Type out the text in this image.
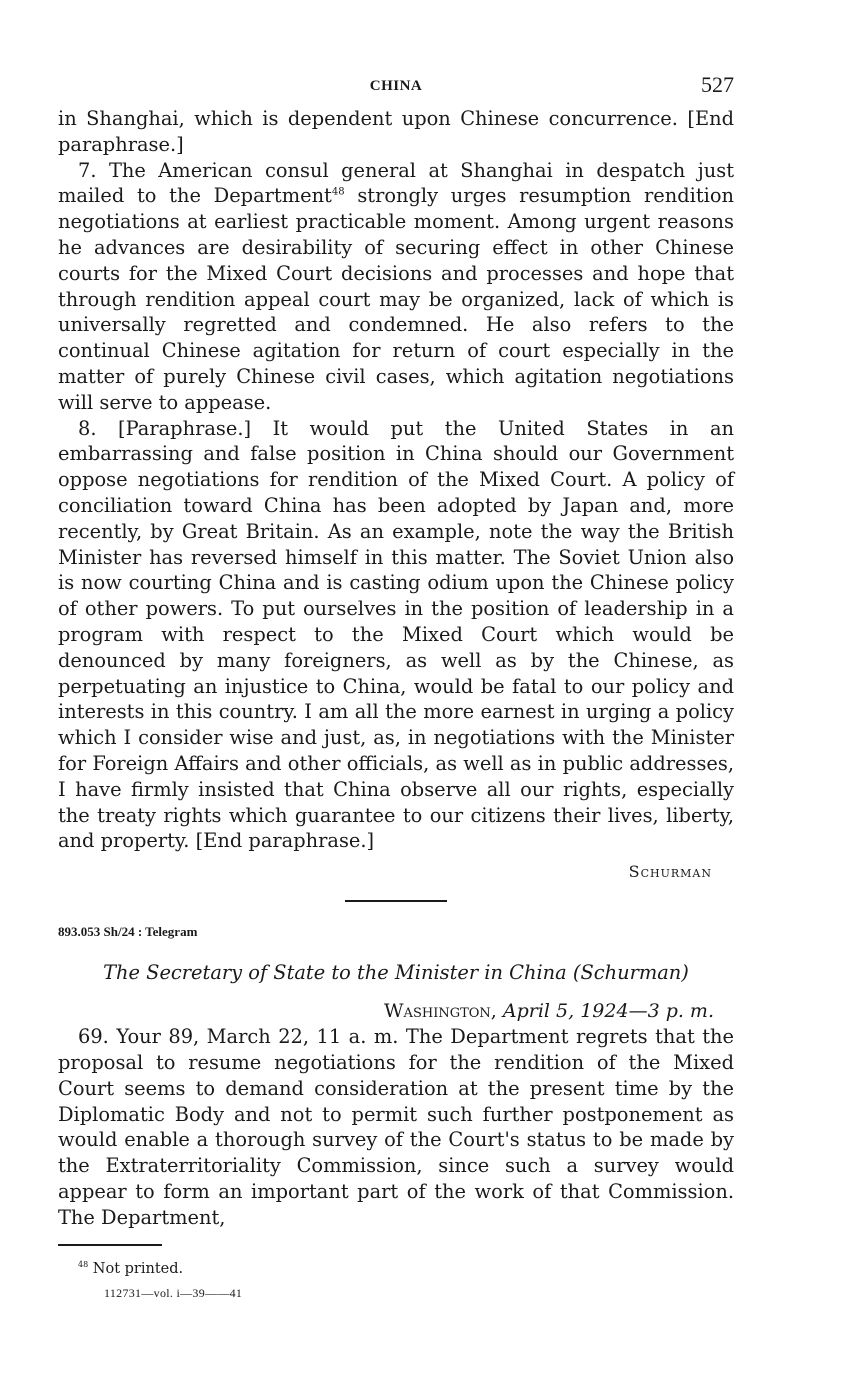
CHINA	527

in Shanghai, which is dependent upon Chinese concurrence. [End paraphrase.]

7. The American consul general at Shanghai in despatch just mailed to the Department$^{48}$ strongly urges resumption rendition negotiations at earliest practicable moment. Among urgent reasons he advances are desirability of securing effect in other Chinese courts for the Mixed Court decisions and processes and hope that through rendition appeal court may be organized, lack of which is universally regretted and condemned. He also refers to the continual Chinese agitation for return of court especially in the matter of purely Chinese civil cases, which agitation negotiations will serve to appease.

8. [Paraphrase.] It would put the United States in an embarrassing and false position in China should our Government oppose negotiations for rendition of the Mixed Court. A policy of conciliation toward China has been adopted by Japan and, more recently, by Great Britain. As an example, note the way the British Minister has reversed himself in this matter. The Soviet Union also is now courting China and is casting odium upon the Chinese policy of other powers. To put ourselves in the position of leadership in a program with respect to the Mixed Court which would be denounced by many foreigners, as well as by the Chinese, as perpetuating an injustice to China, would be fatal to our policy and interests in this country. I am all the more earnest in urging a policy which I consider wise and just, as, in negotiations with the Minister for Foreign Affairs and other officials, as well as in public addresses, I have firmly insisted that China observe all our rights, especially the treaty rights which guarantee to our citizens their lives, liberty, and property. [End paraphrase.]

Schurman
893.053 Sh/24 : Telegram
The Secretary of State to the Minister in China (Schurman)
Washington, April 5, 1924—3 p. m.

69. Your 89, March 22, 11 a. m. The Department regrets that the proposal to resume negotiations for the rendition of the Mixed Court seems to demand consideration at the present time by the Diplomatic Body and not to permit such further postponement as would enable a thorough survey of the Court's status to be made by the Extraterritoriality Commission, since such a survey would appear to form an important part of the work of that Commission. The Department,

$^{48}$ Not printed.
112731—vol. i—39——41
